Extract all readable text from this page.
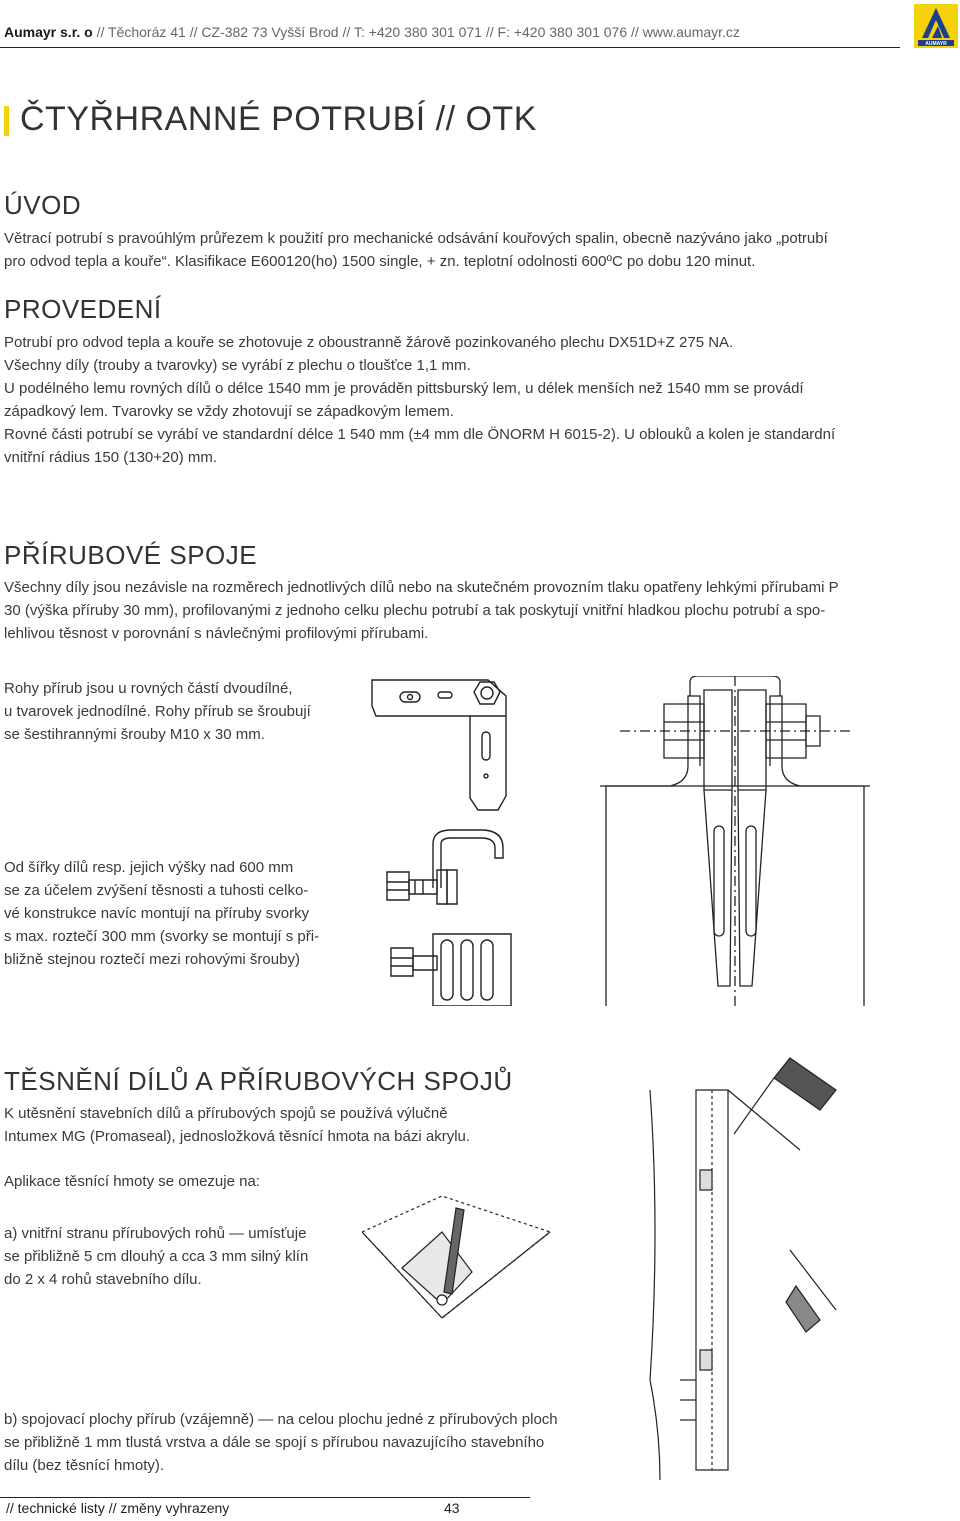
Aumayr s.r. o // Těchoráz 41 // CZ-382 73 Vyšší Brod // T: +420 380 301 071 // F: +420 380 301 076 // www.aumayr.cz
AUMAYR
ČTYŘHRANNÉ POTRUBÍ // OTK
ÚVOD
Větrací potrubí s pravoúhlým průřezem k použití pro mechanické odsávání kouřových spalin, obecně nazýváno jako „potrubí
pro odvod tepla a kouře“. Klasifikace E600120(ho) 1500 single, + zn. teplotní odolnosti 600ºC po dobu 120 minut.
PROVEDENÍ
Potrubí pro odvod tepla a kouře se zhotovuje z oboustranně žárově pozinkovaného plechu DX51D+Z 275 NA.
Všechny díly (trouby a tvarovky) se vyrábí z plechu o tloušťce 1,1 mm.
U podélného lemu rovných dílů o délce 1540 mm je prováděn pittsburský lem, u délek menších než 1540 mm se provádí
západkový lem. Tvarovky se vždy zhotovují se západkovým lemem.
Rovné části potrubí se vyrábí ve standardní délce 1 540 mm (±4 mm dle ÖNORM H 6015-2). U oblouků a kolen je standardní
vnitřní rádius 150 (130+20) mm.
PŘÍRUBOVÉ SPOJE
Všechny díly jsou nezávisle na rozměrech jednotlivých dílů nebo na skutečném provozním tlaku opatřeny lehkými přírubami P
30 (výška příruby 30 mm), profilovanými z jednoho celku plechu potrubí a tak poskytují vnitřní hladkou plochu potrubí a spo-
lehlivou těsnost v porovnání s návlečnými profilovými přírubami.
Rohy přírub jsou u rovných částí dvoudílné,
u tvarovek jednodílné. Rohy přírub se šroubují
se šestihrannými šrouby M10 x 30 mm.
Od šířky dílů resp. jejich výšky nad 600 mm
se za účelem zvýšení těsnosti a tuhosti celko-
vé konstrukce navíc montují na příruby svorky
s max. roztečí 300 mm (svorky se montují s při-
bližně stejnou roztečí mezi rohovými šrouby)
TĚSNĚNÍ DÍLŮ A PŘÍRUBOVÝCH SPOJŮ
K utěsnění stavebních dílů a přírubových spojů se používá výlučně
Intumex MG (Promaseal), jednosložková těsnící hmota na bázi akrylu.
Aplikace těsnící hmoty se omezuje na:
a) vnitřní stranu přírubových rohů — umísťuje
se přibližně 5 cm dlouhý a cca 3 mm silný klín
do 2 x 4 rohů stavebního dílu.
b) spojovací plochy přírub (vzájemně) — na celou plochu jedné z přírubových ploch
se přibližně 1 mm tlustá vrstva a dále se spojí s přírubou navazujícího stavebního
dílu (bez těsnící hmoty).
// technické listy // změny vyhrazeny	43
